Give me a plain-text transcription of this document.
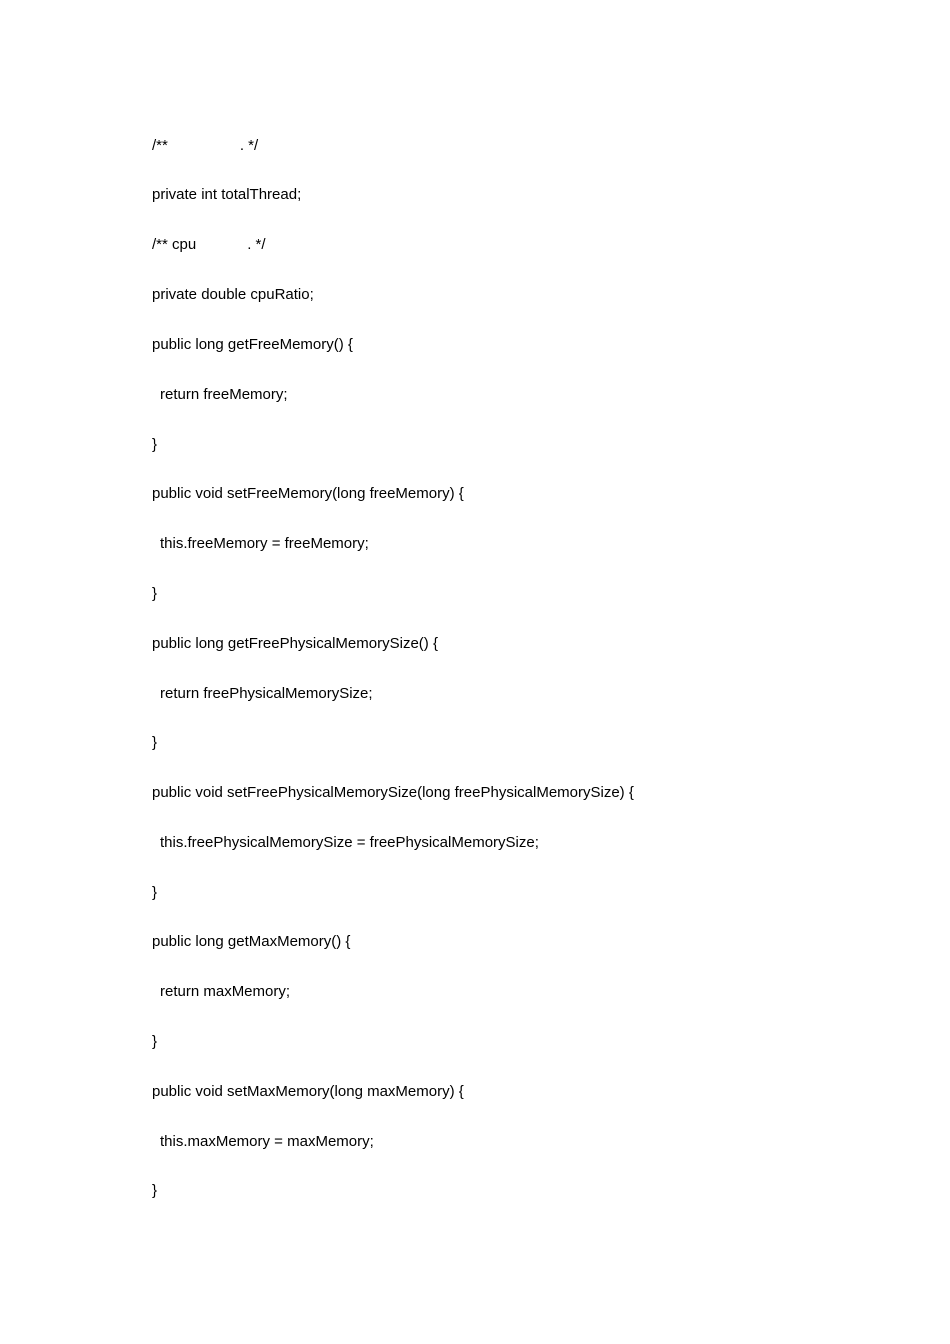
/**	. */
private int totalThread;
/** cpu	. */
private double cpuRatio;
public long getFreeMemory() {
return freeMemory;
}
public void setFreeMemory(long freeMemory) {
this.freeMemory = freeMemory;
}
public long getFreePhysicalMemorySize() {
return freePhysicalMemorySize;
}
public void setFreePhysicalMemorySize(long freePhysicalMemorySize) {
this.freePhysicalMemorySize = freePhysicalMemorySize;
}
public long getMaxMemory() {
return maxMemory;
}
public void setMaxMemory(long maxMemory) {
this.maxMemory = maxMemory;
}
